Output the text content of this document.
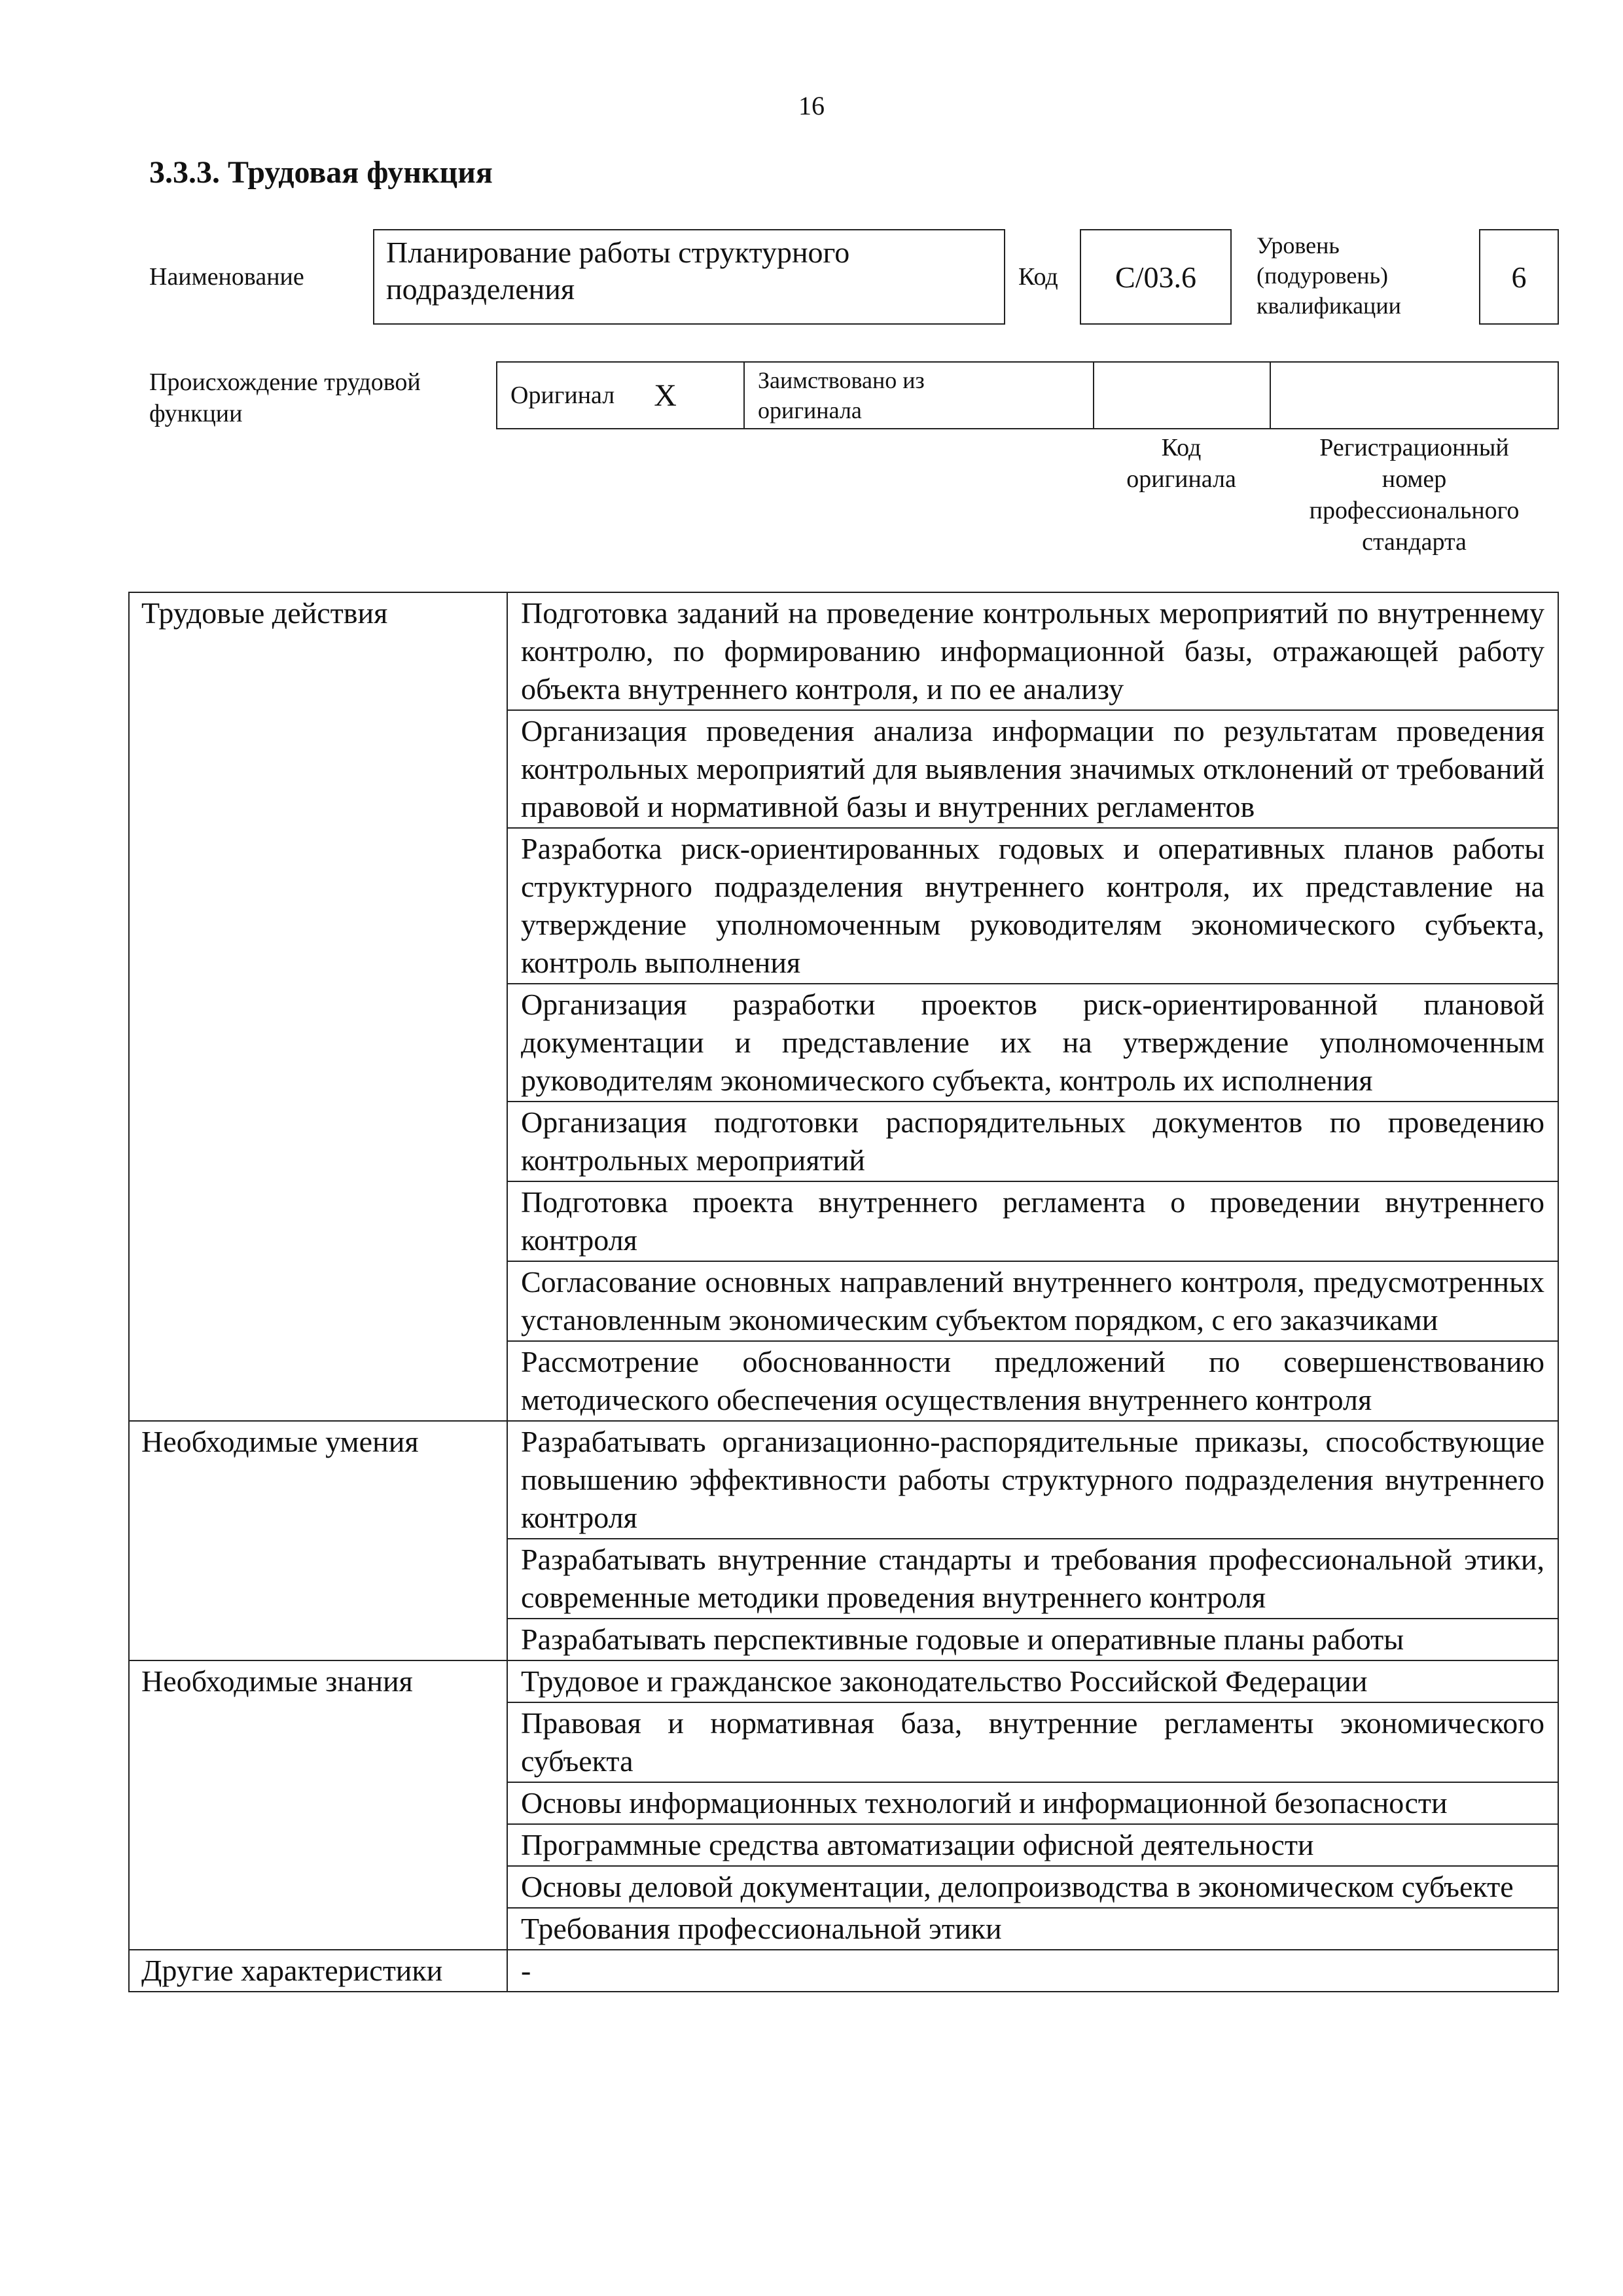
16
3.3.3. Трудовая функция
Наименование
Планирование работы структурного подразделения	Код	С/03.6
Уровень
(подуровень)
квалификации
6
Происхождение трудовой
функции
Оригинал Х	Заимствовано из
оригинала
Код
оригинала
Регистрационный
номер
профессионального
стандарта
Трудовые действия	Подготовка заданий на проведение контрольных мероприятий по внутреннему контролю, по формированию информационной базы, отражающей работу объекта внутреннего контроля, и по ее анализу
	Организация проведения анализа информации по результатам проведения контрольных мероприятий для выявления значимых отклонений от требований правовой и нормативной базы и внутренних регламентов
	Разработка риск-ориентированных годовых и оперативных планов работы структурного подразделения внутреннего контроля, их представление на утверждение уполномоченным руководителям экономического субъекта, контроль выполнения
	Организация разработки проектов риск-ориентированной плановой документации и представление их на утверждение уполномоченным руководителям экономического субъекта, контроль их исполнения
	Организация подготовки распорядительных документов по проведению контрольных мероприятий
	Подготовка проекта внутреннего регламента о проведении внутреннего контроля
	Согласование основных направлений внутреннего контроля, предусмотренных установленным экономическим субъектом порядком, с его заказчиками
	Рассмотрение обоснованности предложений по совершенствованию методического обеспечения осуществления внутреннего контроля
Необходимые умения	Разрабатывать организационно-распорядительные приказы, способствующие повышению эффективности работы структурного подразделения внутреннего контроля
	Разрабатывать внутренние стандарты и требования профессиональной этики, современные методики проведения внутреннего контроля
	Разрабатывать перспективные годовые и оперативные планы работы
Необходимые знания	Трудовое и гражданское законодательство Российской Федерации
	Правовая и нормативная база, внутренние регламенты экономического субъекта
	Основы информационных технологий и информационной безопасности
	Программные средства автоматизации офисной деятельности
	Основы деловой документации, делопроизводства в экономическом субъекте
	Требования профессиональной этики
Другие характеристики	-
